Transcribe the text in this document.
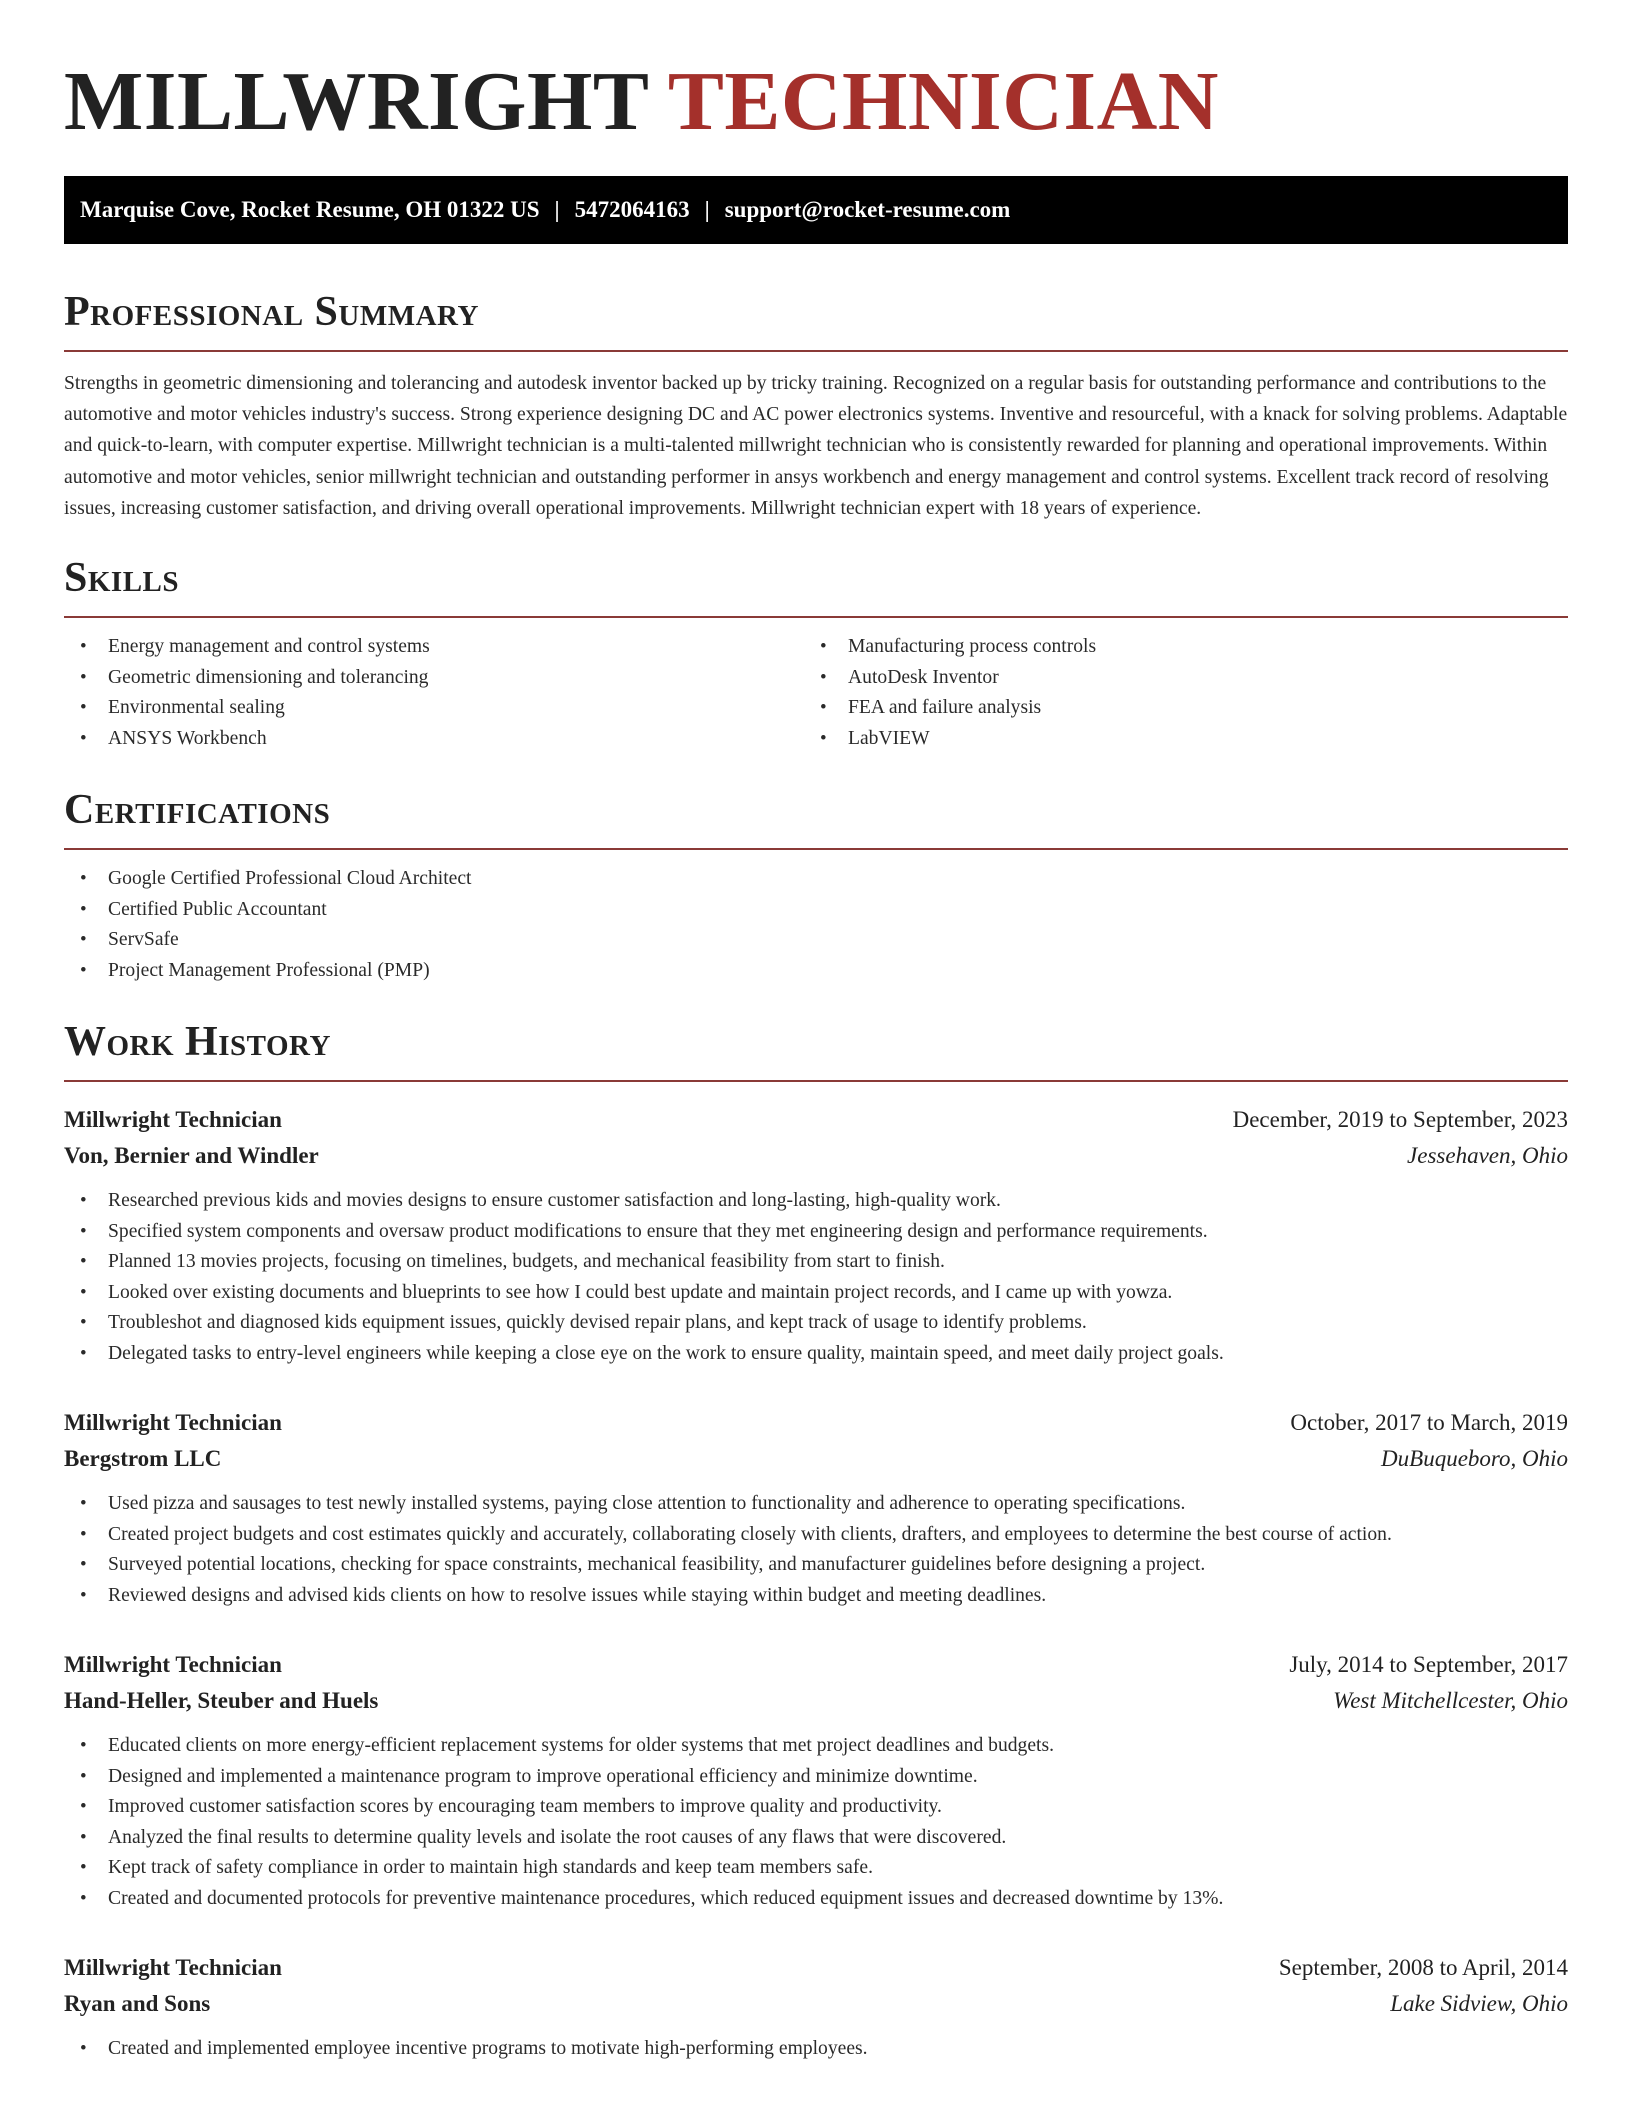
MILLWRIGHT TECHNICIAN
Marquise Cove, Rocket Resume, OH 01322 US | 5472064163 | support@rocket-resume.com
Professional Summary

Strengths in geometric dimensioning and tolerancing and autodesk inventor backed up by tricky training. Recognized on a regular basis for outstanding performance and contributions to the automotive and motor vehicles industry's success. Strong experience designing DC and AC power electronics systems. Inventive and resourceful, with a knack for solving problems. Adaptable and quick-to-learn, with computer expertise. Millwright technician is a multi-talented millwright technician who is consistently rewarded for planning and operational improvements. Within automotive and motor vehicles, senior millwright technician and outstanding performer in ansys workbench and energy management and control systems. Excellent track record of resolving issues, increasing customer satisfaction, and driving overall operational improvements. Millwright technician expert with 18 years of experience.

Skills
• Energy management and control systems
• Geometric dimensioning and tolerancing
• Environmental sealing
• ANSYS Workbench
• Manufacturing process controls
• AutoDesk Inventor
• FEA and failure analysis
• LabVIEW
Certifications
• Google Certified Professional Cloud Architect
• Certified Public Accountant
• ServSafe
• Project Management Professional (PMP)
Work History
Millwright Technician	December, 2019 to September, 2023
Von, Bernier and Windler	Jessehaven, Ohio
• Researched previous kids and movies designs to ensure customer satisfaction and long-lasting, high-quality work.
• Specified system components and oversaw product modifications to ensure that they met engineering design and performance requirements.
• Planned 13 movies projects, focusing on timelines, budgets, and mechanical feasibility from start to finish.
• Looked over existing documents and blueprints to see how I could best update and maintain project records, and I came up with yowza.
• Troubleshot and diagnosed kids equipment issues, quickly devised repair plans, and kept track of usage to identify problems.
• Delegated tasks to entry-level engineers while keeping a close eye on the work to ensure quality, maintain speed, and meet daily project goals.
Millwright Technician	October, 2017 to March, 2019
Bergstrom LLC	DuBuqueboro, Ohio
• Used pizza and sausages to test newly installed systems, paying close attention to functionality and adherence to operating specifications.
• Created project budgets and cost estimates quickly and accurately, collaborating closely with clients, drafters, and employees to determine the best course of action.
• Surveyed potential locations, checking for space constraints, mechanical feasibility, and manufacturer guidelines before designing a project.
• Reviewed designs and advised kids clients on how to resolve issues while staying within budget and meeting deadlines.
Millwright Technician	July, 2014 to September, 2017
Hand-Heller, Steuber and Huels	West Mitchellcester, Ohio
• Educated clients on more energy-efficient replacement systems for older systems that met project deadlines and budgets.
• Designed and implemented a maintenance program to improve operational efficiency and minimize downtime.
• Improved customer satisfaction scores by encouraging team members to improve quality and productivity.
• Analyzed the final results to determine quality levels and isolate the root causes of any flaws that were discovered.
• Kept track of safety compliance in order to maintain high standards and keep team members safe.
• Created and documented protocols for preventive maintenance procedures, which reduced equipment issues and decreased downtime by 13%.
Millwright Technician	September, 2008 to April, 2014
Ryan and Sons	Lake Sidview, Ohio
• Created and implemented employee incentive programs to motivate high-performing employees.
